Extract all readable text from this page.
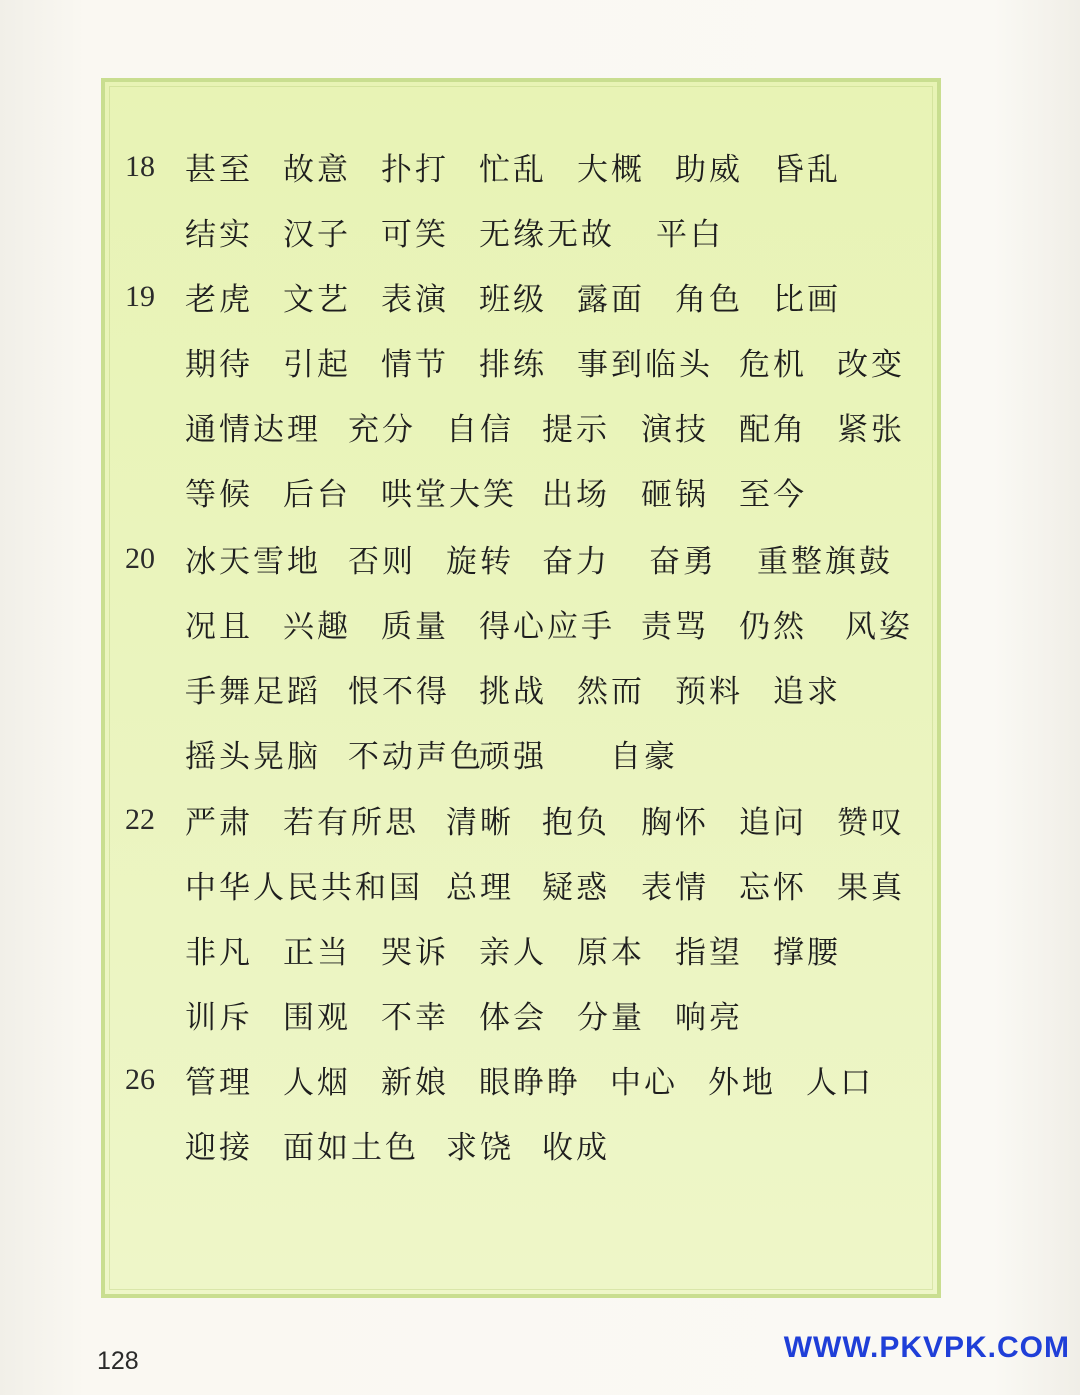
18 甚至 故意 扑打 忙乱 大概 助威 昏乱
结实 汉子 可笑 无缘无故 平白
19 老虎 文艺 表演 班级 露面 角色 比画
期待 引起 情节 排练 事到临头 危机 改变
通情达理 充分 自信 提示 演技 配角 紧张
等候 后台 哄堂大笑 出场 砸锅 至今
20 冰天雪地 否则 旋转 奋力 奋勇 重整旗鼓
况且 兴趣 质量 得心应手 责骂 仍然 风姿
手舞足蹈 恨不得 挑战 然而 预料 追求
摇头晃脑 不动声色
顽强 自豪
22 严肃 若有所思 清晰 抱负 胸怀 追问 赞叹
中华人民共和国 总理 疑惑 表情 忘怀 果真
非凡 正当 哭诉 亲人 原本 指望 撑腰
训斥 围观 不幸 体会 分量 响亮
26 管理 人烟 新娘 眼睁睁 中心 外地 人口
迎接 面如土色 求饶 收成
128	WWW.PKVPK.COM
